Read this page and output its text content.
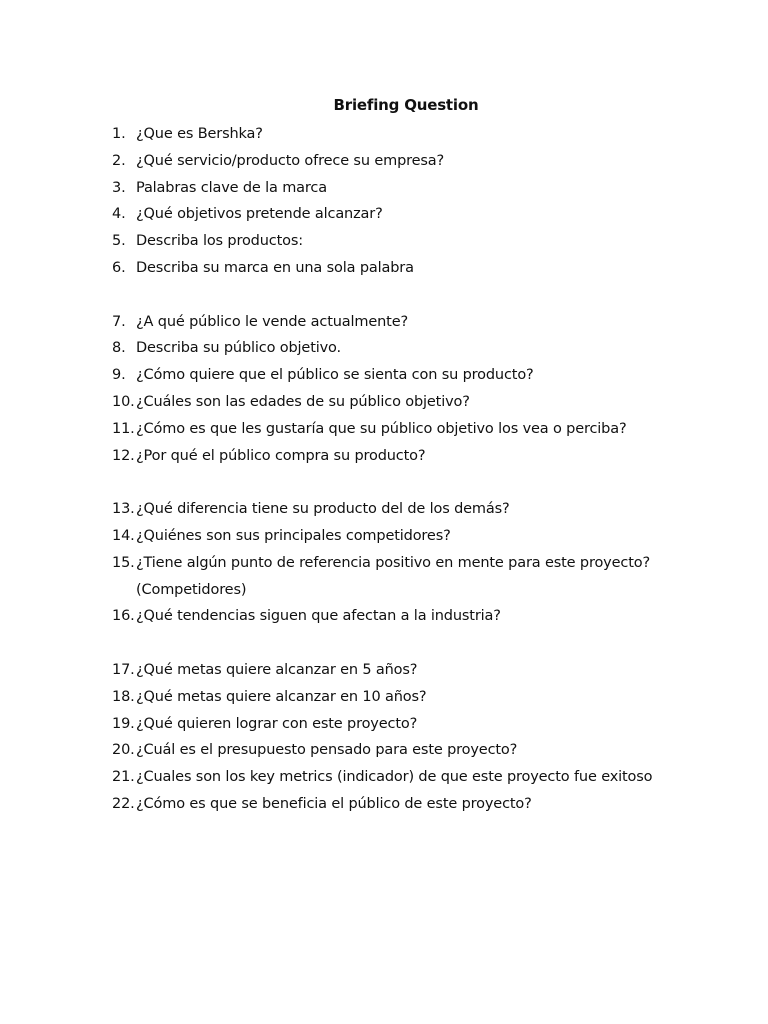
Briefing Question
1. ¿Que es Bershka?
2. ¿Qué servicio/producto ofrece su empresa?
3. Palabras clave de la marca
4. ¿Qué objetivos pretende alcanzar?
5. Describa los productos:
6. Describa su marca en una sola palabra
7. ¿A qué público le vende actualmente?
8. Describa su público objetivo.
9. ¿Cómo quiere que el público se sienta con su producto?
10. ¿Cuáles son las edades de su público objetivo?
11. ¿Cómo es que les gustaría que su público objetivo los vea o perciba?
12. ¿Por qué el público compra su producto?
13. ¿Qué diferencia tiene su producto del de los demás?
14. ¿Quiénes son sus principales competidores?
15. ¿Tiene algún punto de referencia positivo en mente para este proyecto? (Competidores)
16. ¿Qué tendencias siguen que afectan a la industria?
17. ¿Qué metas quiere alcanzar en 5 años?
18. ¿Qué metas quiere alcanzar en 10 años?
19. ¿Qué quieren lograr con este proyecto?
20. ¿Cuál es el presupuesto pensado para este proyecto?
21. ¿Cuales son los key metrics (indicador) de que este proyecto fue exitoso
22. ¿Cómo es que se beneficia el público de este proyecto?
